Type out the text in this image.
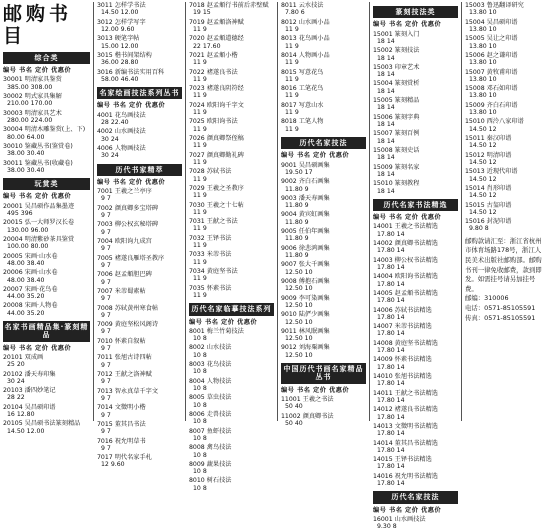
邮购书目
综合类
编号 书名 定价 优惠价
30001 明清家具鉴赏
385.00 308.00
30002 明式家具集解
210.00 170.00
30003 明清家具艺术
280.00 224.00
30004 明清木雕鉴赏(上、下)
80.00 64.00
30010 鉴藏丛书(鉴赏卷)
38.00 30.40
30011 鉴藏丛书(收藏卷)
38.00 30.40
玩赏类
编号 书名 定价 优惠价
20001 吴昌硕作品集墨迹
495 396
20015 弘一大师罗汉长卷
130.00 96.00
20004 明清紫砂茶具鉴赏
100.00 80.00
20005 宋画·山水卷
48.00 38.40
20006 宋画·山水卷
48.00 38.40
20007 宋画·花鸟卷
44.00 35.20
20008 宋画·人物卷
44.00 35.20
名家书画精品集·篆刻精品
编号 书名 定价 优惠价
20101 双成画
25 20
20102 潘天寿印集
30 24
20103 潘四妙笔记
28 22
20104 吴昌硕印谱
16 12.80
20105 吴昌硕书法篆刻精品
14.50 12.00
3011 怎样学书法
14.50 12.00
3012 怎样学写字
12.00 9.60
3013 硬笔字帖
15.00 12.00
3015 楷书间架结构
36.00 28.80
3016 新编书法实用百科
58.00 46.40
名家绘画技法系列丛书
编号 书名 定价 优惠价
4001 花鸟画技法
28 22.40
4002 山水画技法
30 24
4006 人物画技法
30 24
历代书家精萃
编号 书名 定价 优惠价
7001 王羲之兰亭序
9 7
7002 颜真卿多宝塔碑
9 7
7003 柳公权玄秘塔碑
9 7
7004 欧阳询九成宫
9 7
7005 褚遂良雁塔圣教序
9 7
7006 赵孟頫胆巴碑
9 7
7007 米芾蜀素帖
9 7
7008 苏轼黄州寒食帖
9 7
7009 黄庭坚松风阁诗
9 7
7010 怀素自叙帖
9 7
7011 张旭古诗四帖
9 7
7012 王献之洛神赋
9 7
7013 智永真草千字文
9 7
7014 文徵明小楷
9 7
7015 董其昌书法
9 7
7016 祝允明草书
9 7
7017 明代名家手札
12 9.60
7018 赵孟頫行书前后赤壁赋
19 15
7019 赵孟頫洛神赋
11 9
7020 赵孟頫道德经
22 17.60
7021 赵孟頫小楷
11 9
7022 褚遂良书法
11 9
7023 褚遂良阴符经
11 9
7024 欧阳询千字文
11 9
7025 欧阳询书法
11 9
7026 颜真卿祭侄稿
11 9
7027 颜真卿勤礼碑
11 9
7028 苏轼书法
11 9
7029 王羲之圣教序
11 9
7030 王羲之十七帖
11 9
7031 王献之书法
11 9
7032 王铎书法
11 9
7033 米芾书法
11 9
7034 黄庭坚书法
11 9
7035 怀素书法
11 9
历代名家临摹技法系列
编号 书名 定价 优惠价
8001 梅兰竹菊技法
10 8
8002 山水技法
10 8
8003 花鸟技法
10 8
8004 人物技法
10 8
8005 草虫技法
10 8
8006 走兽技法
10 8
8007 鱼虾技法
10 8
8008 禽鸟技法
10 8
8009 蔬果技法
10 8
8010 树石技法
10 8
8011 云水技法
7.80 6
8012 山水画小品
11 9
8013 花鸟画小品
11 9
8014 人物画小品
11 9
8015 写意花鸟
11 9
8016 工笔花鸟
11 9
8017 写意山水
11 9
8018 工笔人物
11 9
历代名家技法
编号 书名 定价 优惠价
9001 吴昌硕画集
19.50 17
9002 齐白石画集
11.80 9
9003 潘天寿画集
11.80 9
9004 黄宾虹画集
11.80 9
9005 任伯年画集
11.80 9
9006 徐悲鸿画集
11.80 9
9007 张大千画集
12.50 10
9008 傅抱石画集
12.50 10
9009 李可染画集
12.50 10
9010 陆俨少画集
12.50 10
9011 林风眠画集
12.50 10
9012 刘海粟画集
12.50 10
中国历代书画名家精品丛书
编号 书名 定价 优惠价
11001 王羲之书法
50 40
11002 颜真卿书法
50 40
篆刻技法类
编号 书名 定价 优惠价
15001 篆刻入门
18 14
15002 篆刻技法
18 14
15003 印章艺术
18 14
15004 篆刻赏析
18 14
15005 篆刻精品
18 14
15006 篆刻字典
18 14
15007 篆刻百例
18 14
15008 篆刻史话
18 14
15009 篆刻名家
18 14
15010 篆刻教程
18 14
历代名家书法精选
编号 书名 定价 优惠价
14001 王羲之书法精选
17.80 14
14002 颜真卿书法精选
17.80 14
14003 柳公权书法精选
17.80 14
14004 欧阳询书法精选
17.80 14
14005 赵孟頫书法精选
17.80 14
14006 苏轼书法精选
17.80 14
14007 米芾书法精选
17.80 14
14008 黄庭坚书法精选
17.80 14
14009 怀素书法精选
17.80 14
14010 张旭书法精选
17.80 14
14011 王献之书法精选
17.80 14
14012 褚遂良书法精选
17.80 14
14013 文徵明书法精选
17.80 14
14014 董其昌书法精选
17.80 14
14015 王铎书法精选
17.80 14
14016 祝允明书法精选
17.80 14
历代名家技法
编号 书名 定价 优惠价
16001 山水画技法
9.30 8
15003 鲁迅翻译研究
13.80 10
15004 吴昌硕印谱
13.80 10
15005 吴让之印谱
13.80 10
15006 赵之谦印谱
13.80 10
15007 黄牧甫印谱
13.80 10
15008 邓石如印谱
13.80 10
15009 齐白石印谱
13.80 10
15010 西泠八家印谱
14.50 12
15011 秦汉印谱
14.50 12
15012 明清印谱
14.50 12
15013 近现代印谱
14.50 12
15014 肖形印谱
14.50 12
15015 古玺印谱
14.50 12
15016 封泥印谱
9.80 8
邮购款请汇至：浙江省杭州市体育场路178号，浙江人民美术出版社邮购部。邮购书刊一律免收邮费，款到即发。如需挂号请另加挂号费。
邮编：310006
电话：0571-85105591
传真：0571-85105591
